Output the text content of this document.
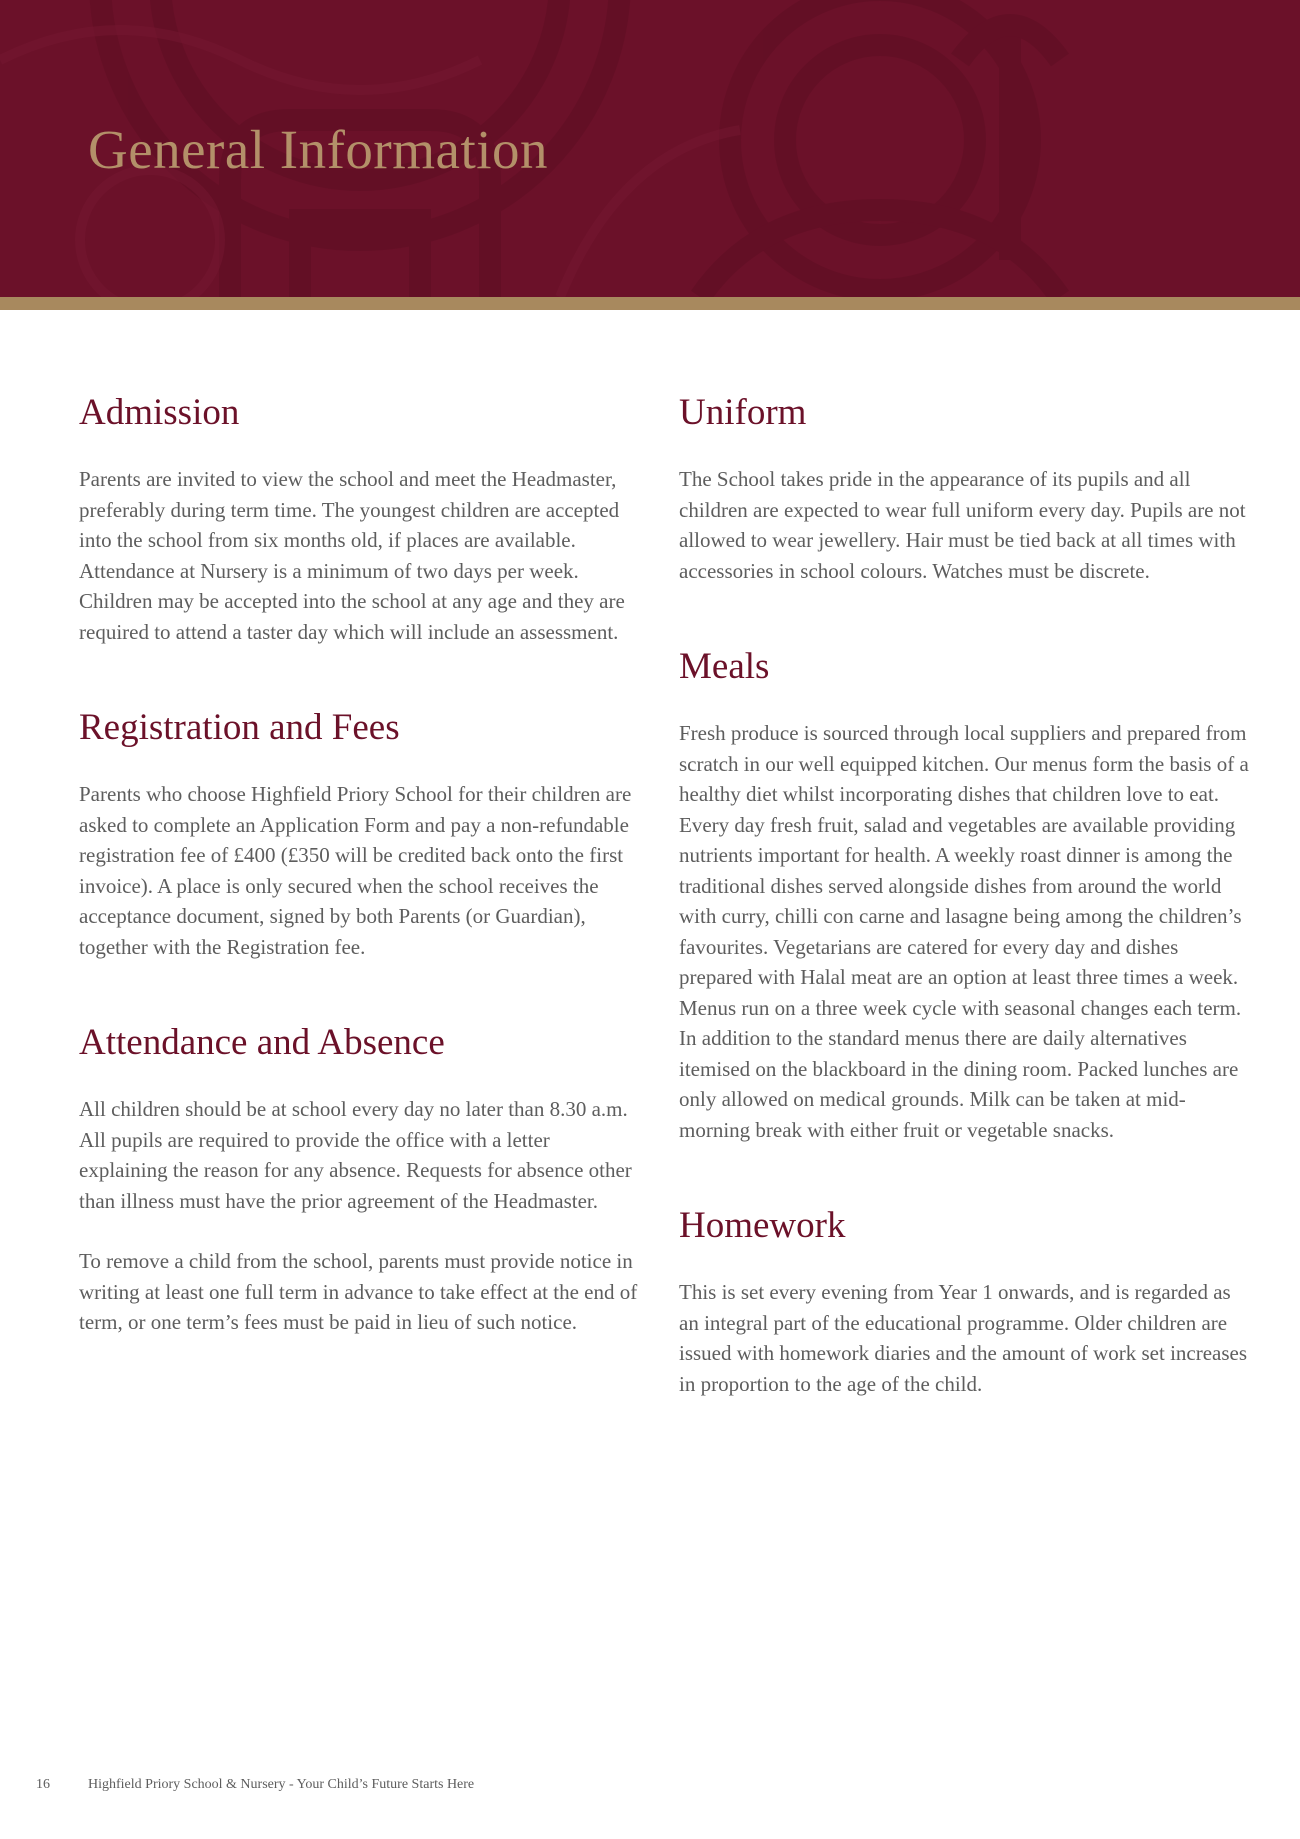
General Information
Admission

Parents are invited to view the school and meet the Headmaster, preferably during term time. The youngest children are accepted into the school from six months old, if places are available. Attendance at Nursery is a minimum of two days per week. Children may be accepted into the school at any age and they are required to attend a taster day which will include an assessment.

Registration and Fees

Parents who choose Highfield Priory School for their children are asked to complete an Application Form and pay a non-refundable registration fee of £400 (£350 will be credited back onto the first invoice). A place is only secured when the school receives the acceptance document, signed by both Parents (or Guardian), together with the Registration fee.

Attendance and Absence

All children should be at school every day no later than 8.30 a.m. All pupils are required to provide the office with a letter explaining the reason for any absence. Requests for absence other than illness must have the prior agreement of the Headmaster.

To remove a child from the school, parents must provide notice in writing at least one full term in advance to take effect at the end of term, or one term’s fees must be paid in lieu of such notice.

Uniform

The School takes pride in the appearance of its pupils and all children are expected to wear full uniform every day. Pupils are not allowed to wear jewellery. Hair must be tied back at all times with accessories in school colours. Watches must be discrete.

Meals

Fresh produce is sourced through local suppliers and prepared from scratch in our well equipped kitchen. Our menus form the basis of a healthy diet whilst incorporating dishes that children love to eat. Every day fresh fruit, salad and vegetables are available providing nutrients important for health. A weekly roast dinner is among the traditional dishes served alongside dishes from around the world with curry, chilli con carne and lasagne being among the children’s favourites. Vegetarians are catered for every day and dishes prepared with Halal meat are an option at least three times a week. Menus run on a three week cycle with seasonal changes each term. In addition to the standard menus there are daily alternatives itemised on the blackboard in the dining room. Packed lunches are only allowed on medical grounds. Milk can be taken at mid-morning break with either fruit or vegetable snacks.

Homework

This is set every evening from Year 1 onwards, and is regarded as an integral part of the educational programme. Older children are issued with homework diaries and the amount of work set increases in proportion to the age of the child.

16	Highfield Priory School & Nursery - Your Child’s Future Starts Here
